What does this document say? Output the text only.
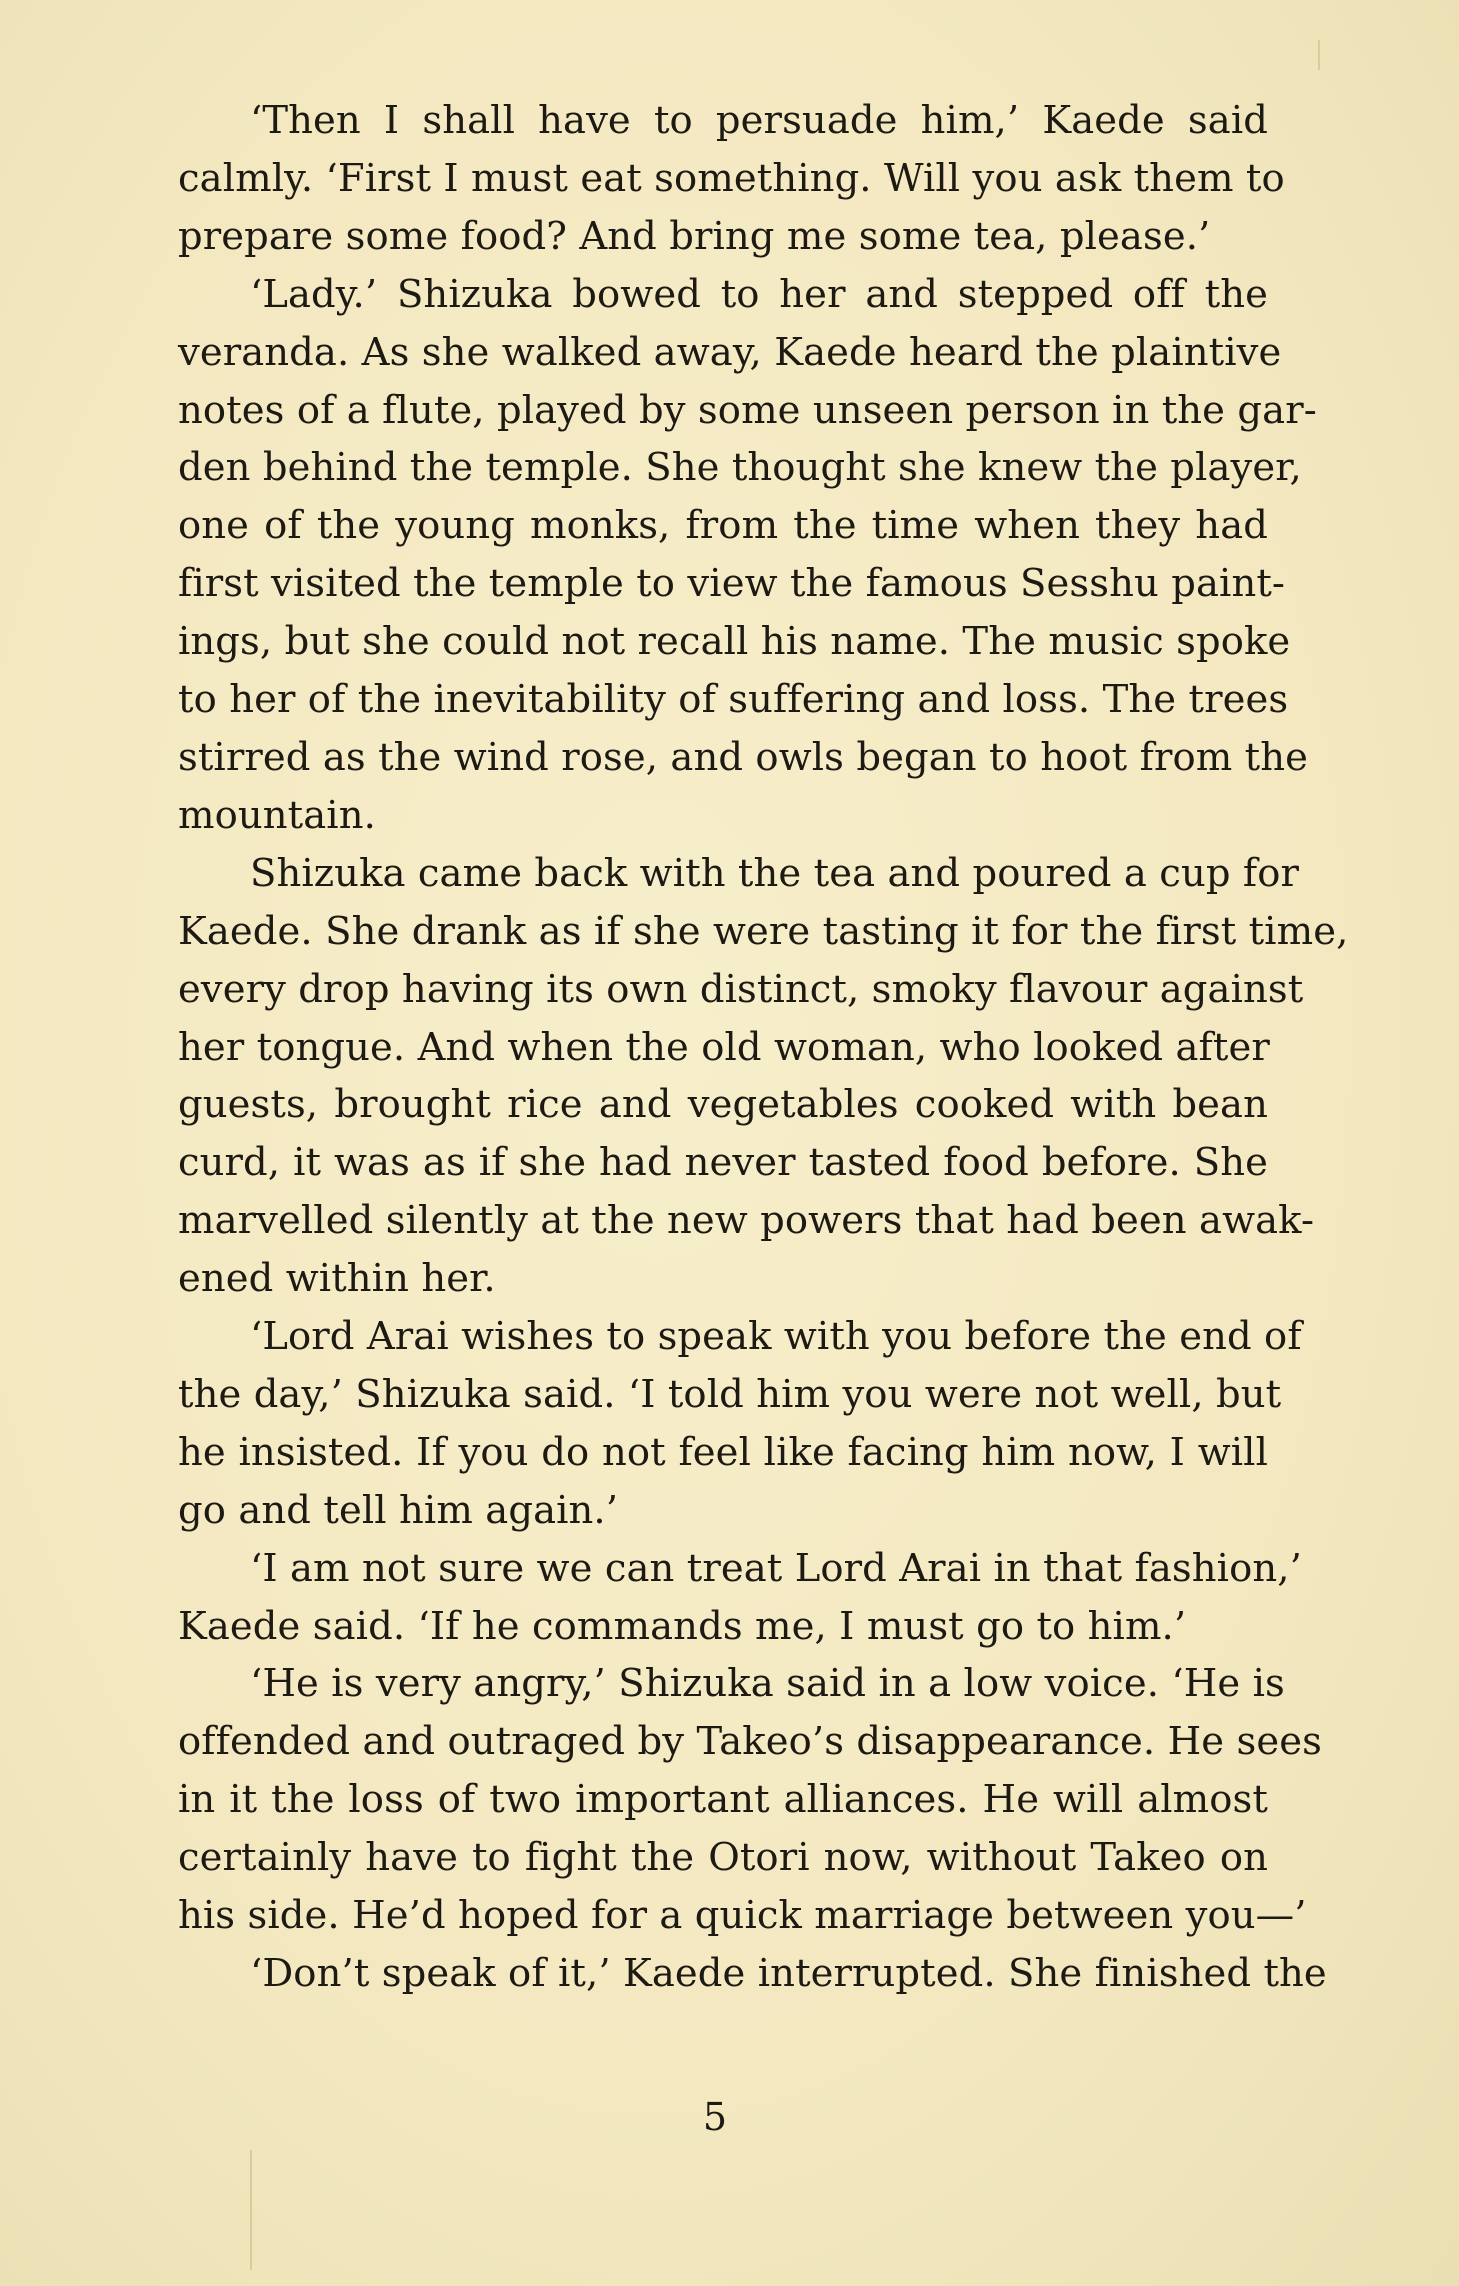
‘Then I shall have to persuade him,’ Kaede said
calmly. ‘First I must eat something. Will you ask them to
prepare some food? And bring me some tea, please.’
‘Lady.’ Shizuka bowed to her and stepped off the
veranda. As she walked away, Kaede heard the plaintive
notes of a flute, played by some unseen person in the gar-
den behind the temple. She thought she knew the player,
one of the young monks, from the time when they had
first visited the temple to view the famous Sesshu paint-
ings, but she could not recall his name. The music spoke
to her of the inevitability of suffering and loss. The trees
stirred as the wind rose, and owls began to hoot from the
mountain.
Shizuka came back with the tea and poured a cup for
Kaede. She drank as if she were tasting it for the first time,
every drop having its own distinct, smoky flavour against
her tongue. And when the old woman, who looked after
guests, brought rice and vegetables cooked with bean
curd, it was as if she had never tasted food before. She
marvelled silently at the new powers that had been awak-
ened within her.
‘Lord Arai wishes to speak with you before the end of
the day,’ Shizuka said. ‘I told him you were not well, but
he insisted. If you do not feel like facing him now, I will
go and tell him again.’
‘I am not sure we can treat Lord Arai in that fashion,’
Kaede said. ‘If he commands me, I must go to him.’
‘He is very angry,’ Shizuka said in a low voice. ‘He is
offended and outraged by Takeo’s disappearance. He sees
in it the loss of two important alliances. He will almost
certainly have to fight the Otori now, without Takeo on
his side. He’d hoped for a quick marriage between you—’
‘Don’t speak of it,’ Kaede interrupted. She finished the
5
